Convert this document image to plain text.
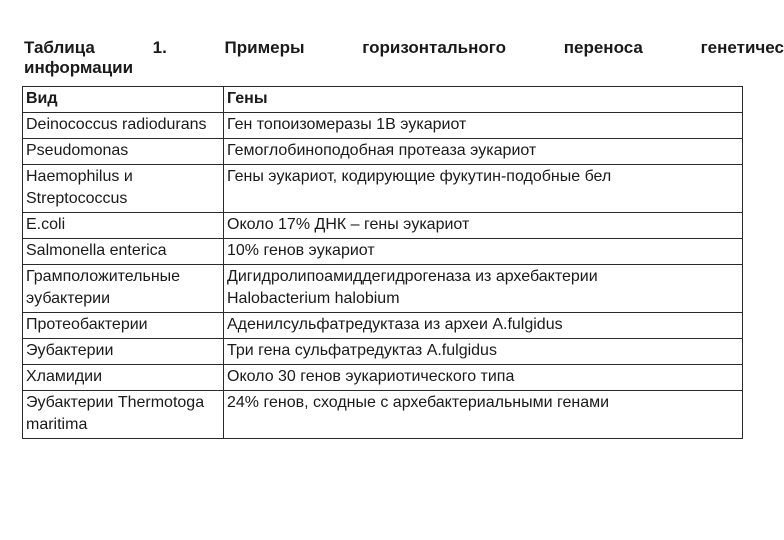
Таблица	1.	Примеры	горизонтального	переноса	генетичес
информации
Вид	Гены
Deinococcus radiodurans	Ген топоизомеразы 1В эукариот
Pseudomonas	Гемоглобиноподобная протеаза эукариот
Haemophilus и Streptococcus	Гены эукариот, кодирующие фукутин-подобные бел
E.coli	Около 17% ДНК – гены эукариот
Salmonella enterica	10% генов эукариот
Грамположительные эубактерии	Дигидролипоамиддегидрогеназа из архебактерии
Halobacterium halobium
Протеобактерии	Аденилсульфатредуктаза из археи A.fulgidus
Эубактерии	Три гена сульфатредуктаз A.fulgidus
Хламидии	Около 30 генов эукариотического типа
Эубактерии Thermotoga maritima	24% генов, сходные с архебактериальными генами
